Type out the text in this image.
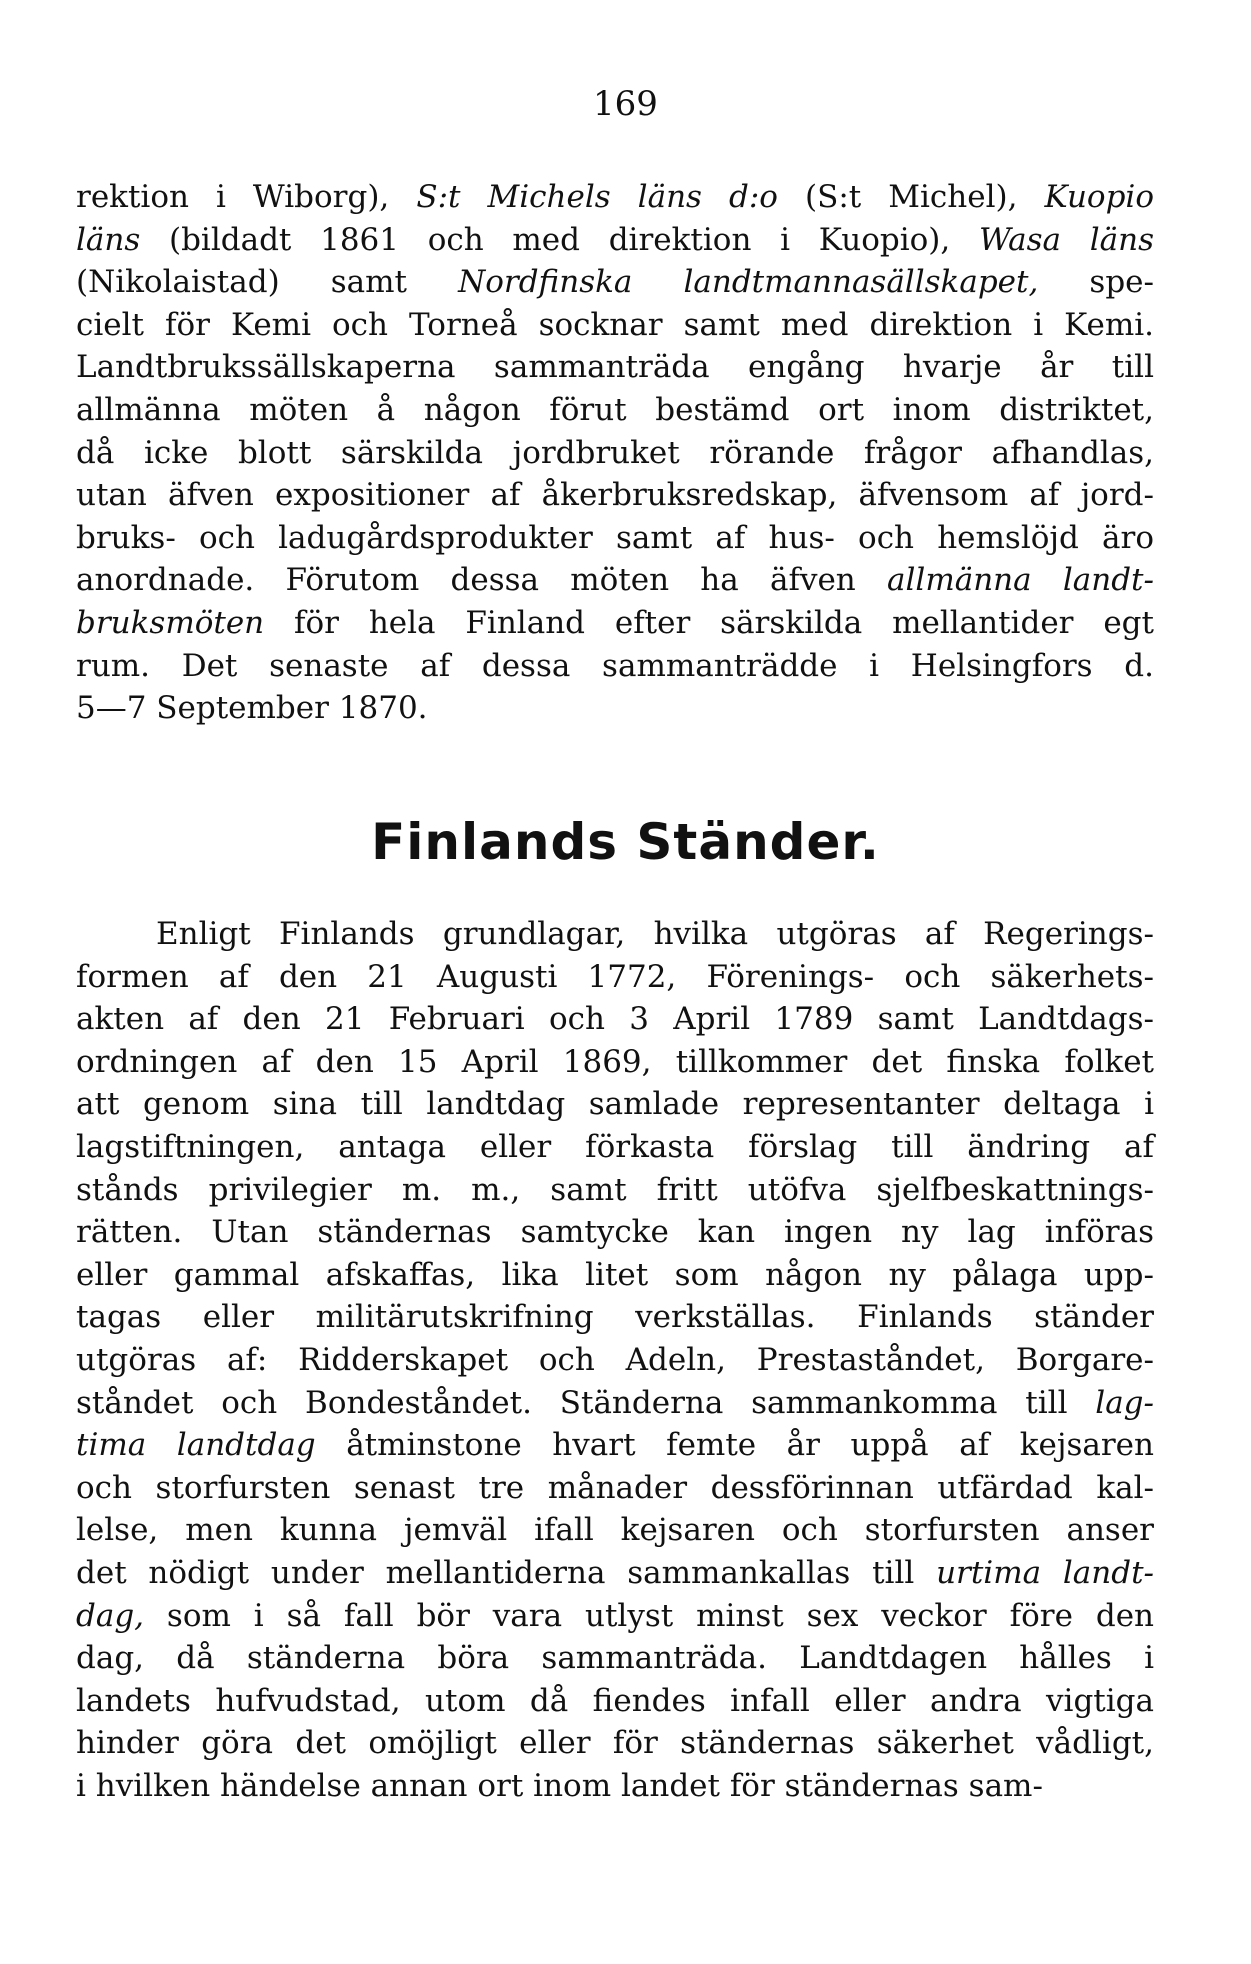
169
rektion i Wiborg), S:t Michels läns d:o (S:t Michel), Kuopio
läns (bildadt 1861 och med direktion i Kuopio), Wasa läns
(Nikolaistad) samt Nordfinska landtmannasällskapet, spe-
cielt för Kemi och Torneå socknar samt med direktion i Kemi.
Landtbrukssällskaperna sammanträda engång hvarje år till
allmänna möten å någon förut bestämd ort inom distriktet,
då icke blott särskilda jordbruket rörande frågor afhandlas,
utan äfven expositioner af åkerbruksredskap, äfvensom af jord-
bruks- och ladugårdsprodukter samt af hus- och hemslöjd äro
anordnade. Förutom dessa möten ha äfven allmänna landt-
bruksmöten för hela Finland efter särskilda mellantider egt
rum. Det senaste af dessa sammanträdde i Helsingfors d.
5—7 September 1870.
Finlands Ständer.
Enligt Finlands grundlagar, hvilka utgöras af Regerings-
formen af den 21 Augusti 1772, Förenings- och säkerhets-
akten af den 21 Februari och 3 April 1789 samt Landtdags-
ordningen af den 15 April 1869, tillkommer det finska folket
att genom sina till landtdag samlade representanter deltaga i
lagstiftningen, antaga eller förkasta förslag till ändring af
stånds privilegier m. m., samt fritt utöfva sjelfbeskattnings-
rätten. Utan ständernas samtycke kan ingen ny lag införas
eller gammal afskaffas, lika litet som någon ny pålaga upp-
tagas eller militärutskrifning verkställas. Finlands ständer
utgöras af: Ridderskapet och Adeln, Prestaståndet, Borgare-
ståndet och Bondeståndet. Ständerna sammankomma till lag-
tima landtdag åtminstone hvart femte år uppå af kejsaren
och storfursten senast tre månader dessförinnan utfärdad kal-
lelse, men kunna jemväl ifall kejsaren och storfursten anser
det nödigt under mellantiderna sammankallas till urtima landt-
dag, som i så fall bör vara utlyst minst sex veckor före den
dag, då ständerna böra sammanträda. Landtdagen hålles i
landets hufvudstad, utom då fiendes infall eller andra vigtiga
hinder göra det omöjligt eller för ständernas säkerhet vådligt,
i hvilken händelse annan ort inom landet för ständernas sam-
